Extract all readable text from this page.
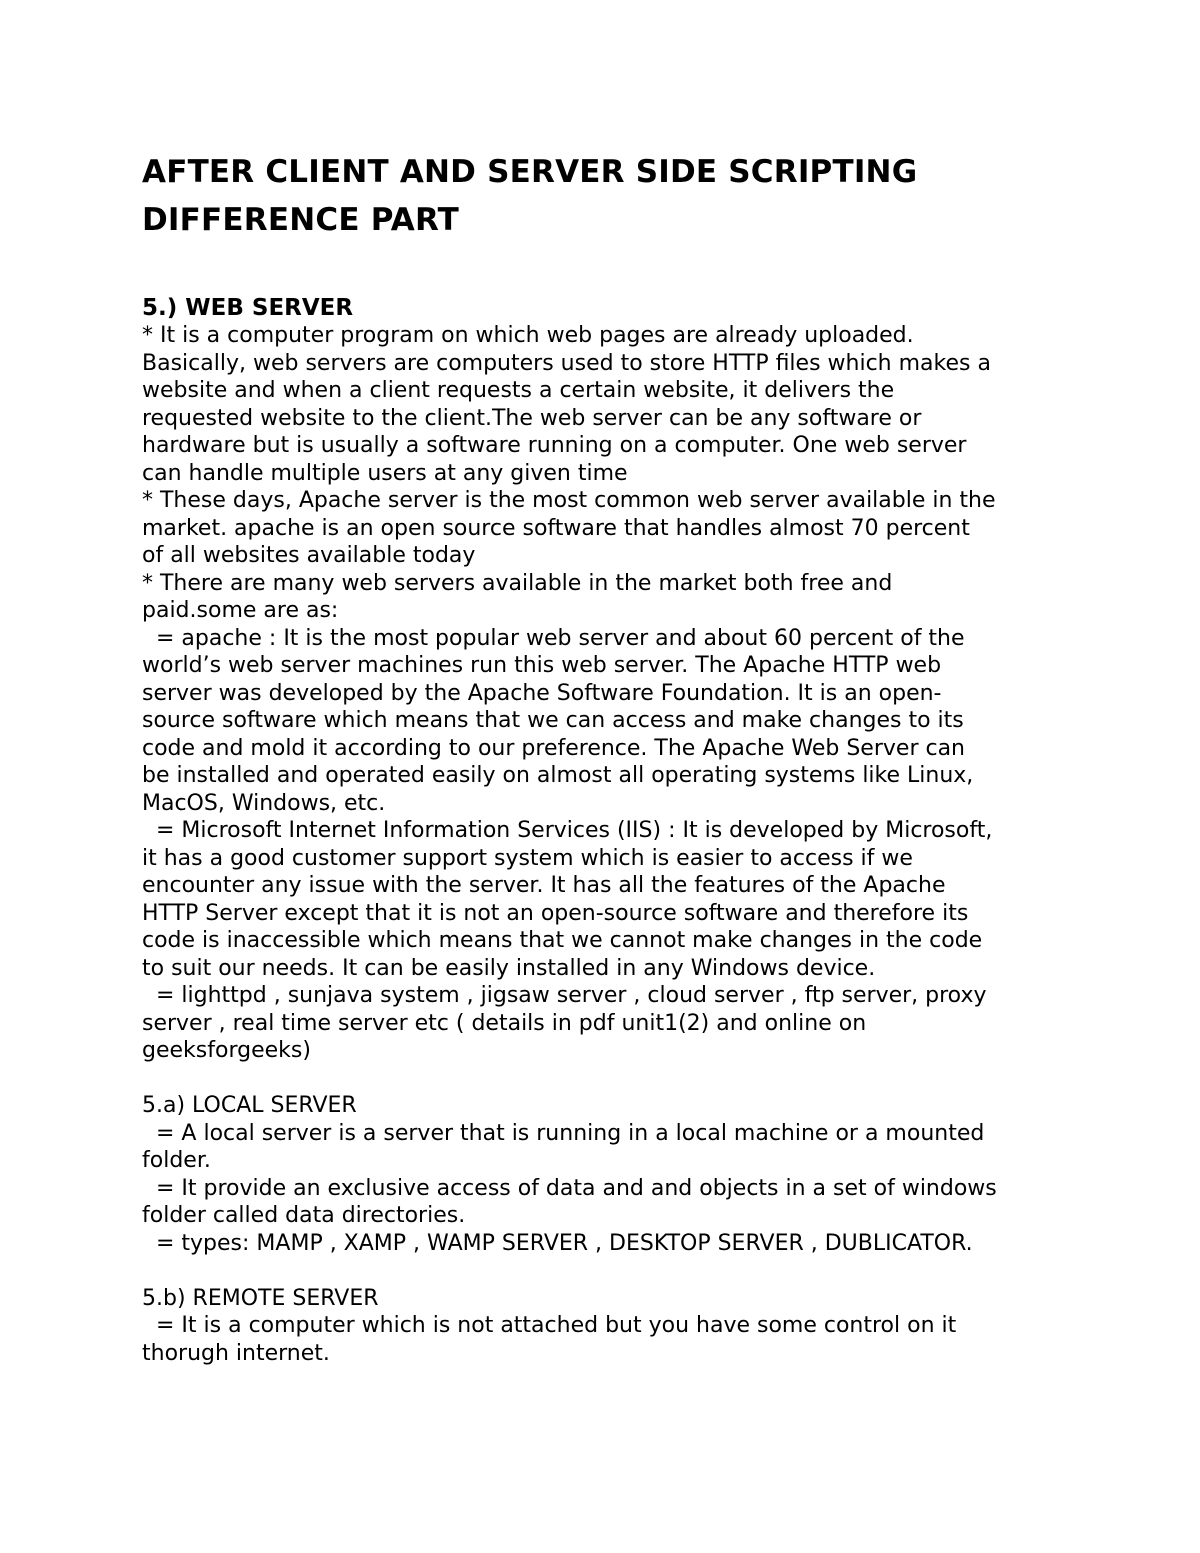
AFTER CLIENT AND SERVER SIDE SCRIPTING
DIFFERENCE PART
5.) WEB SERVER

* It is a computer program on which web pages are already uploaded.

Basically, web servers are computers used to store HTTP files which makes a

website and when a client requests a certain website, it delivers the

requested website to the client.The web server can be any software or

hardware but is usually a software running on a computer. One web server

can handle multiple users at any given time

* These days, Apache server is the most common web server available in the

market. apache is an open source software that handles almost 70 percent

of all websites available today

* There are many web servers available in the market both free and

paid.some are as:

= apache : It is the most popular web server and about 60 percent of the

world’s web server machines run this web server. The Apache HTTP web

server was developed by the Apache Software Foundation. It is an open-

source software which means that we can access and make changes to its

code and mold it according to our preference. The Apache Web Server can

be installed and operated easily on almost all operating systems like Linux,

MacOS, Windows, etc.

= Microsoft Internet Information Services (IIS) : It is developed by Microsoft,

it has a good customer support system which is easier to access if we

encounter any issue with the server. It has all the features of the Apache

HTTP Server except that it is not an open-source software and therefore its

code is inaccessible which means that we cannot make changes in the code

to suit our needs. It can be easily installed in any Windows device.

= lighttpd , sunjava system , jigsaw server , cloud server , ftp server, proxy

server , real time server etc ( details in pdf unit1(2) and online on

geeksforgeeks)

5.a) LOCAL SERVER

= A local server is a server that is running in a local machine or a mounted

folder.

= It provide an exclusive access of data and and objects in a set of windows

folder called data directories.

= types: MAMP , XAMP , WAMP SERVER , DESKTOP SERVER , DUBLICATOR.

5.b) REMOTE SERVER

= It is a computer which is not attached but you have some control on it

thorugh internet.
